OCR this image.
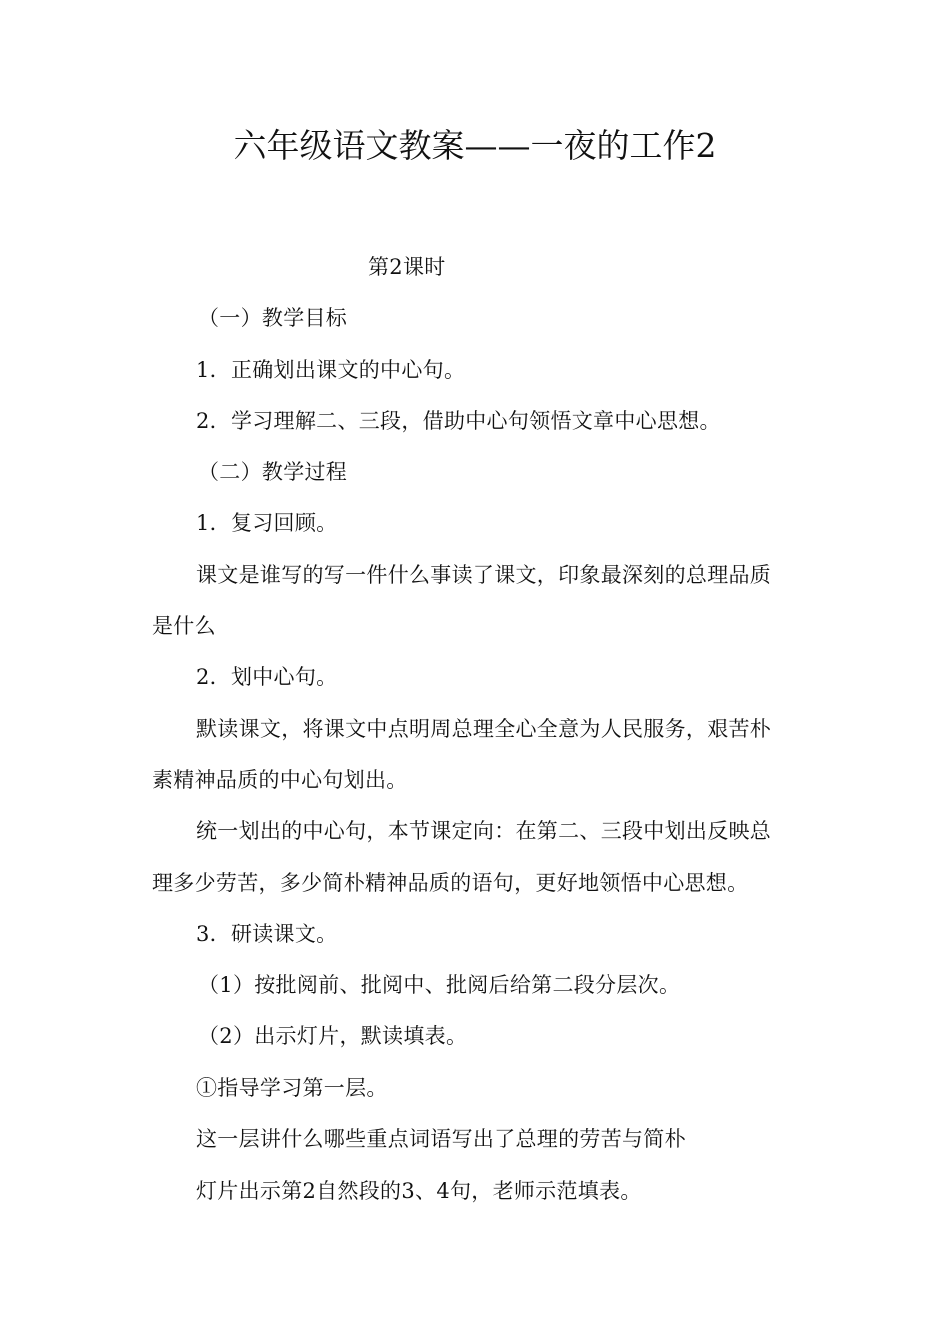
六年级语文教案——一夜的工作2
第2课时
（一）教学目标
1．正确划出课文的中心句。
2．学习理解二、三段，借助中心句领悟文章中心思想。
（二）教学过程
1．复习回顾。
课文是谁写的写一件什么事读了课文，印象最深刻的总理品质
是什么
2．划中心句。
默读课文，将课文中点明周总理全心全意为人民服务，艰苦朴
素精神品质的中心句划出。
统一划出的中心句，本节课定向：在第二、三段中划出反映总
理多少劳苦，多少简朴精神品质的语句，更好地领悟中心思想。
3．研读课文。
（1）按批阅前、批阅中、批阅后给第二段分层次。
（2）出示灯片，默读填表。
①指导学习第一层。
这一层讲什么哪些重点词语写出了总理的劳苦与简朴
灯片出示第2自然段的3、4句，老师示范填表。
